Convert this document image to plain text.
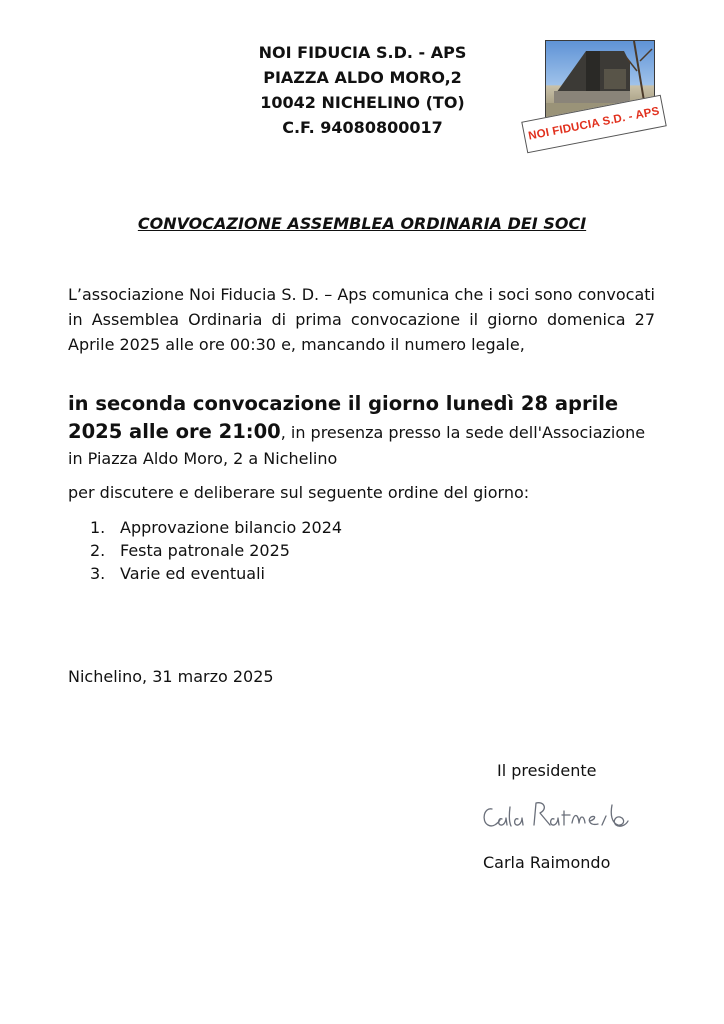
NOI FIDUCIA S.D. - APS
PIAZZA ALDO MORO,2
10042 NICHELINO (TO)
C.F. 94080800017	NOI FIDUCIA S.D. - APS
CONVOCAZIONE ASSEMBLEA ORDINARIA DEI SOCI
L’associazione Noi Fiducia S. D. – Aps comunica che i soci sono convocati in Assemblea Ordinaria di prima convocazione il giorno domenica 27 Aprile 2025 alle ore 00:30 e, mancando il numero legale,
in seconda convocazione il giorno lunedì 28 aprile 2025 alle ore 21:00, in presenza presso la sede dell'Associazione in Piazza Aldo Moro, 2 a Nichelino
per discutere e deliberare sul seguente ordine del giorno:
1. Approvazione bilancio 2024
2. Festa patronale 2025
3. Varie ed eventuali
Nichelino, 31 marzo 2025
Il presidente
Carla Raimondo
